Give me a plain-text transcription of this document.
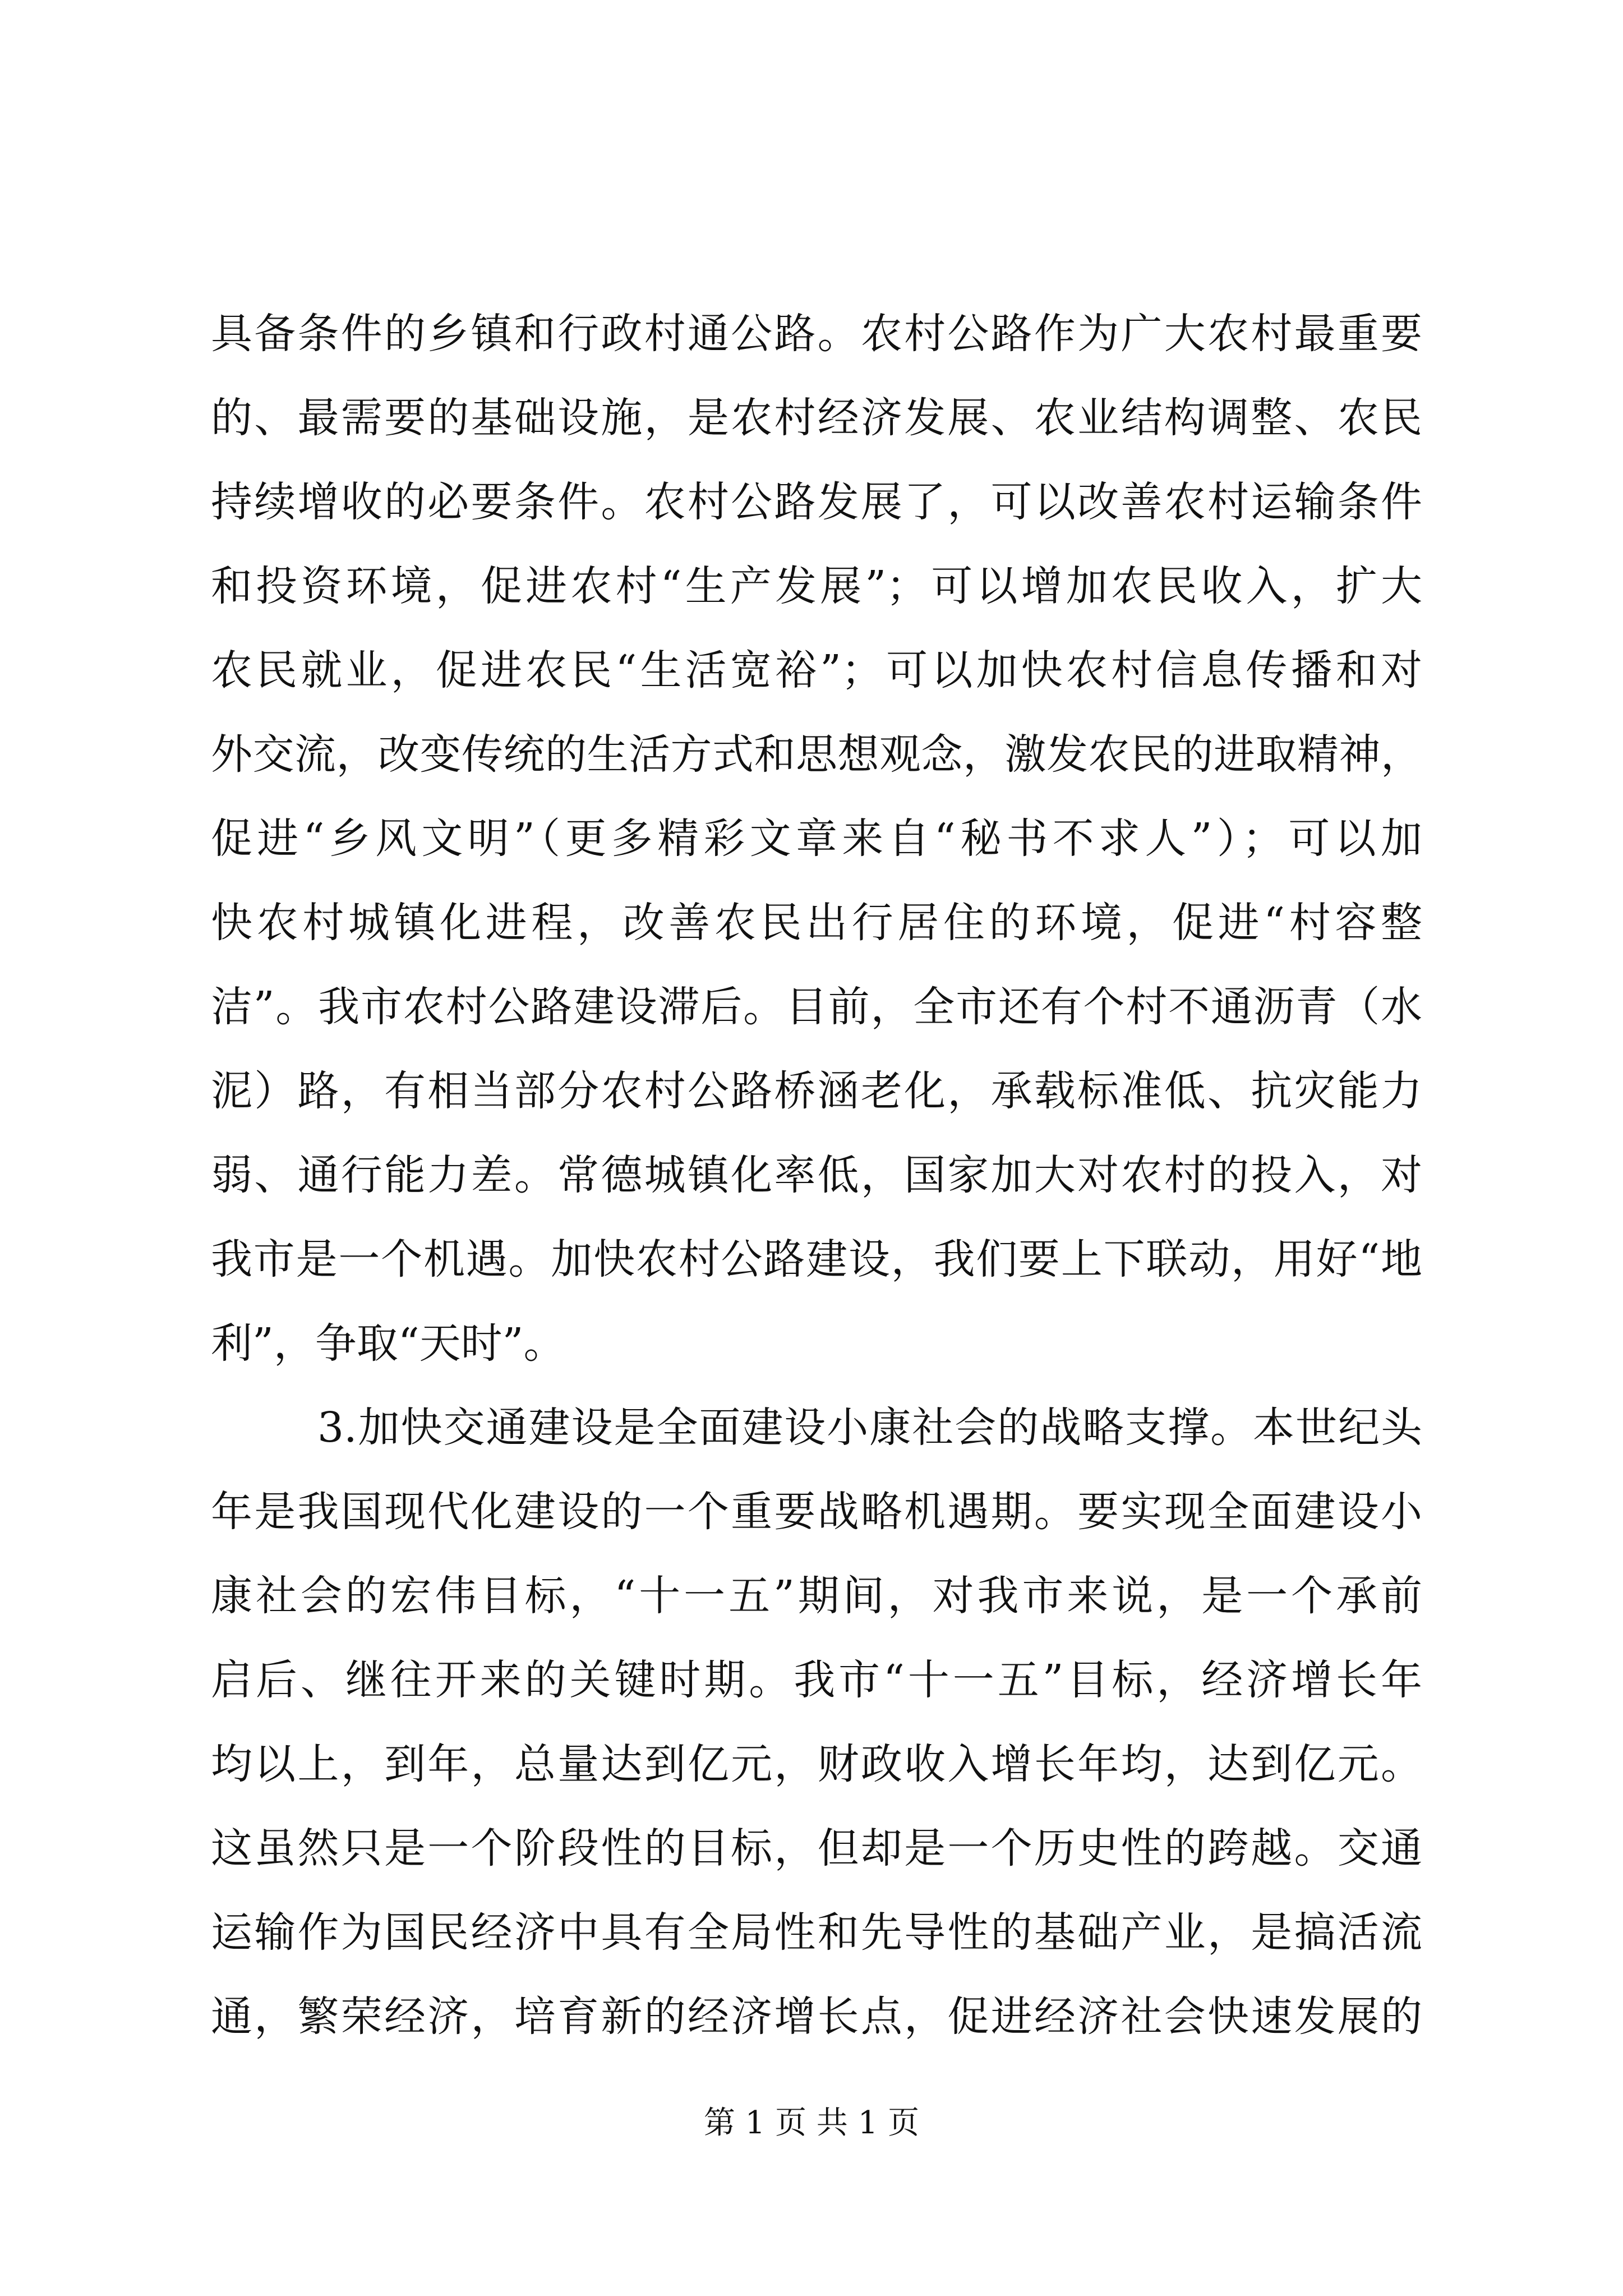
具备条件的乡镇和行政村通公路。农村公路作为广大农村最重要
的、最需要的基础设施，是农村经济发展、农业结构调整、农民
持续增收的必要条件。农村公路发展了，可以改善农村运输条件
和投资环境，促进农村“生产发展”；可以增加农民收入，扩大
农民就业，促进农民“生活宽裕”；可以加快农村信息传播和对
外交流，改变传统的生活方式和思想观念，激发农民的进取精神，
促进“乡风文明”（更多精彩文章来自“秘书不求人”）；可以加
快农村城镇化进程，改善农民出行居住的环境，促进“村容整
洁”。我市农村公路建设滞后。目前，全市还有个村不通沥青（水
泥）路，有相当部分农村公路桥涵老化，承载标准低、抗灾能力
弱、通行能力差。常德城镇化率低，国家加大对农村的投入，对
我市是一个机遇。加快农村公路建设，我们要上下联动，用好“地
利”，争取“天时”。
3.加快交通建设是全面建设小康社会的战略支撑。本世纪头
年是我国现代化建设的一个重要战略机遇期。要实现全面建设小
康社会的宏伟目标，“十一五”期间，对我市来说，是一个承前
启后、继往开来的关键时期。我市“十一五”目标，经济增长年
均以上，到年，总量达到亿元，财政收入增长年均，达到亿元。
这虽然只是一个阶段性的目标，但却是一个历史性的跨越。交通
运输作为国民经济中具有全局性和先导性的基础产业，是搞活流
通，繁荣经济，培育新的经济增长点，促进经济社会快速发展的
第 1 页 共 1 页
